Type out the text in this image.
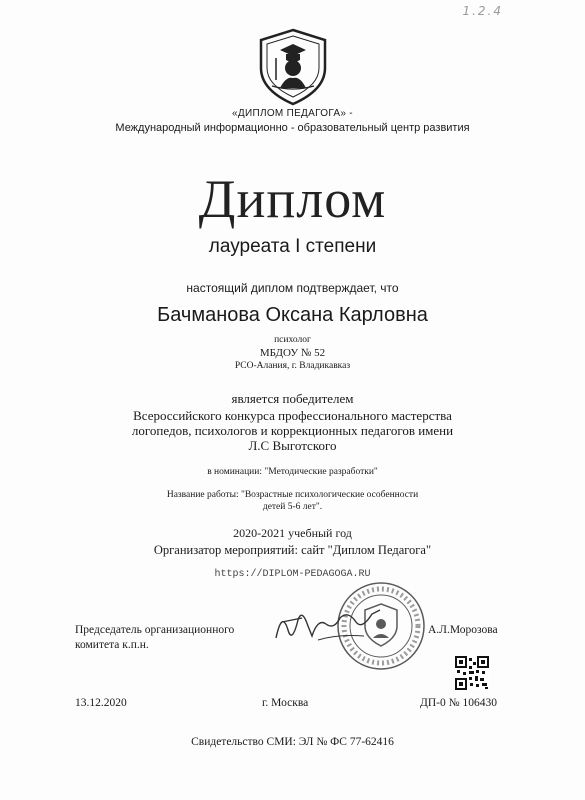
1.2.4
«ДИПЛОМ ПЕДАГОГА» -
Международный информационно - образовательный центр развития
Диплом
лауреата I степени
настоящий диплом подтверждает, что
Бачманова Оксана Карловна
психолог
МБДОУ № 52
РСО-Алания, г. Владикавказ
является победителем
Всероссийского конкурса профессионального мастерства
логопедов, психологов и коррекционных педагогов имени
Л.С Выготского
в номинации: "Методические разработки"
Название работы: "Возрастные психологические особенности
детей 5-6 лет".
2020-2021 учебный год
Организатор мероприятий: сайт "Диплом Педагога"
https://DIPLOM-PEDAGOGA.RU
Председатель организационного
комитета к.п.н.
А.Л.Морозова
13.12.2020	г. Москва	ДП-0 № 106430
Свидетельство СМИ: ЭЛ № ФС 77-62416
